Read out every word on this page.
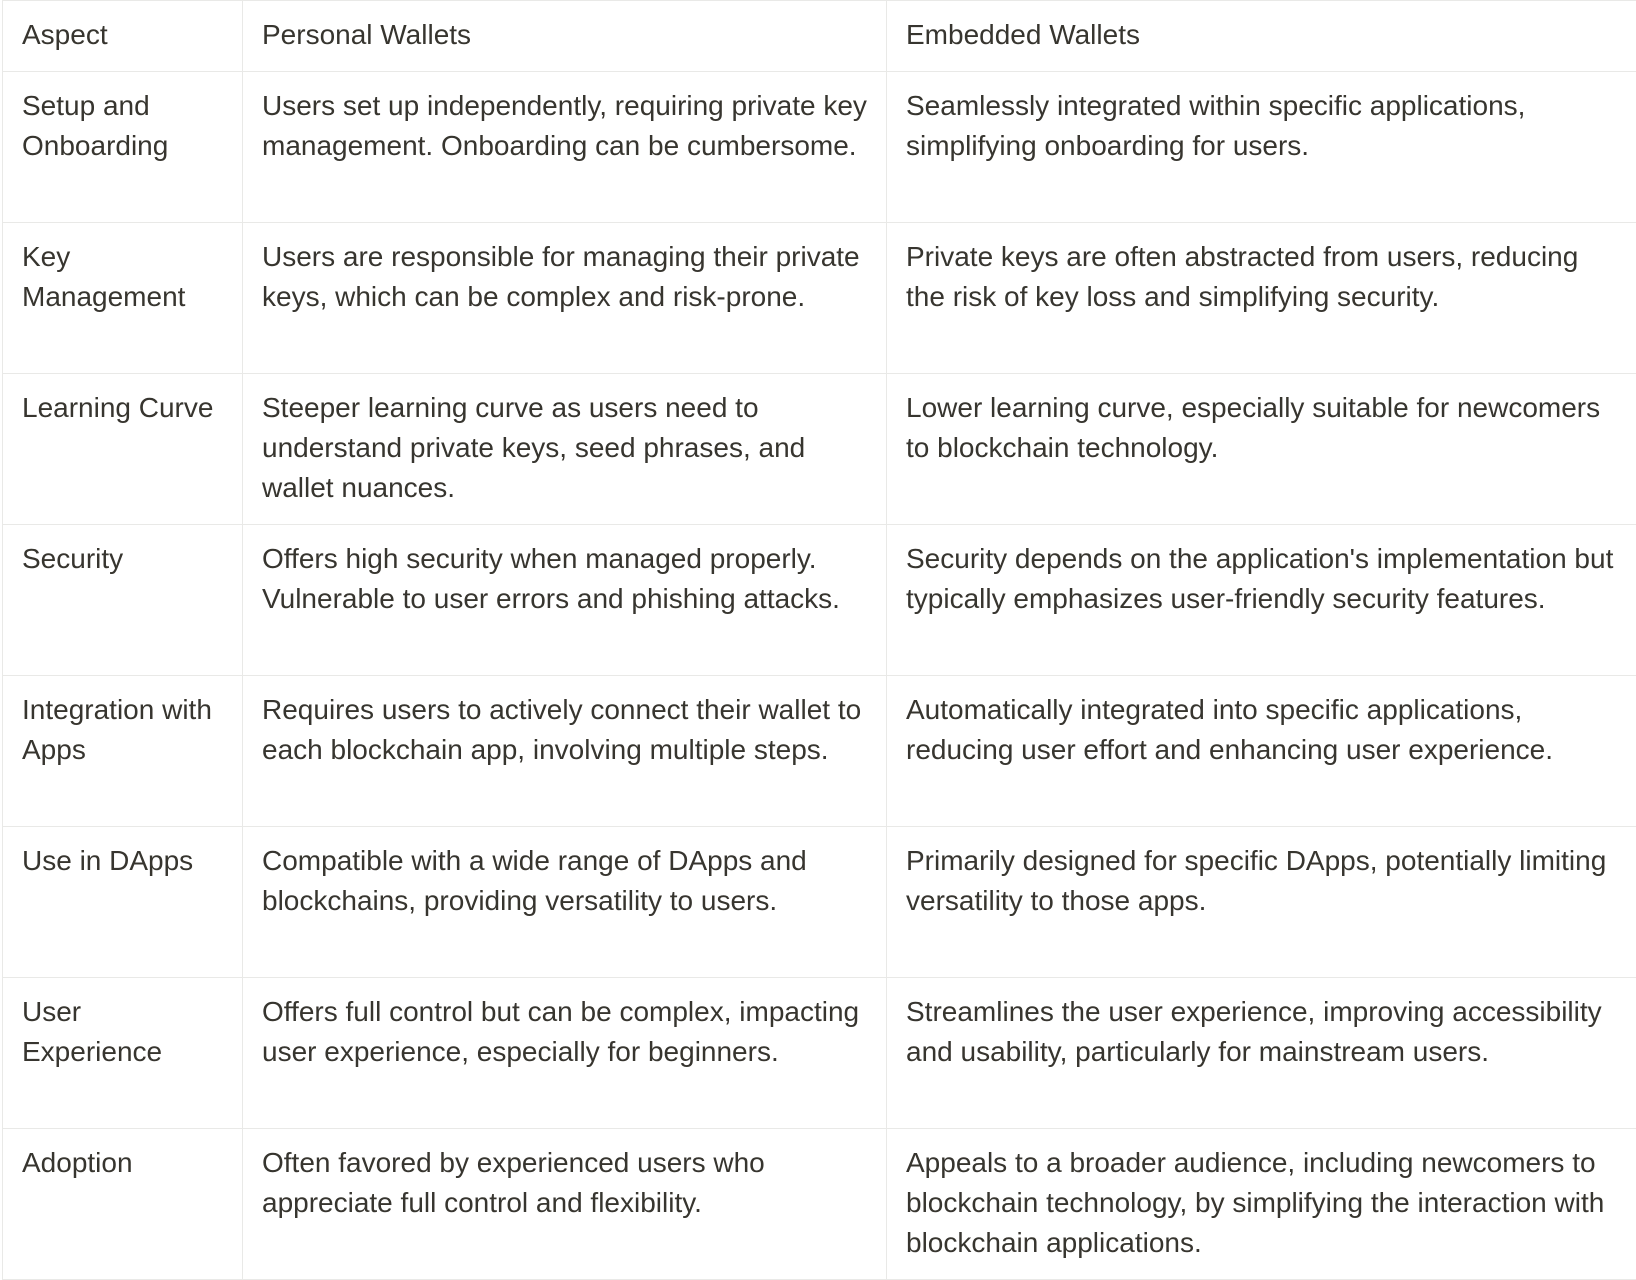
Aspect	Personal Wallets	Embedded Wallets
Setup and Onboarding	Users set up independently, requiring private key management. Onboarding can be cumbersome.	Seamlessly integrated within specific applications, simplifying onboarding for users.
Key Management	Users are responsible for managing their private keys, which can be complex and risk-prone.	Private keys are often abstracted from users, reducing the risk of key loss and simplifying security.
Learning Curve	Steeper learning curve as users need to understand private keys, seed phrases, and wallet nuances.	Lower learning curve, especially suitable for newcomers to blockchain technology.
Security	Offers high security when managed properly. Vulnerable to user errors and phishing attacks.	Security depends on the application's implementation but typically emphasizes user-friendly security features.
Integration with Apps	Requires users to actively connect their wallet to each blockchain app, involving multiple steps.	Automatically integrated into specific applications, reducing user effort and enhancing user experience.
Use in DApps	Compatible with a wide range of DApps and blockchains, providing versatility to users.	Primarily designed for specific DApps, potentially limiting versatility to those apps.
User Experience	Offers full control but can be complex, impacting user experience, especially for beginners.	Streamlines the user experience, improving accessibility and usability, particularly for mainstream users.
Adoption	Often favored by experienced users who appreciate full control and flexibility.	Appeals to a broader audience, including newcomers to blockchain technology, by simplifying the interaction with blockchain applications.
